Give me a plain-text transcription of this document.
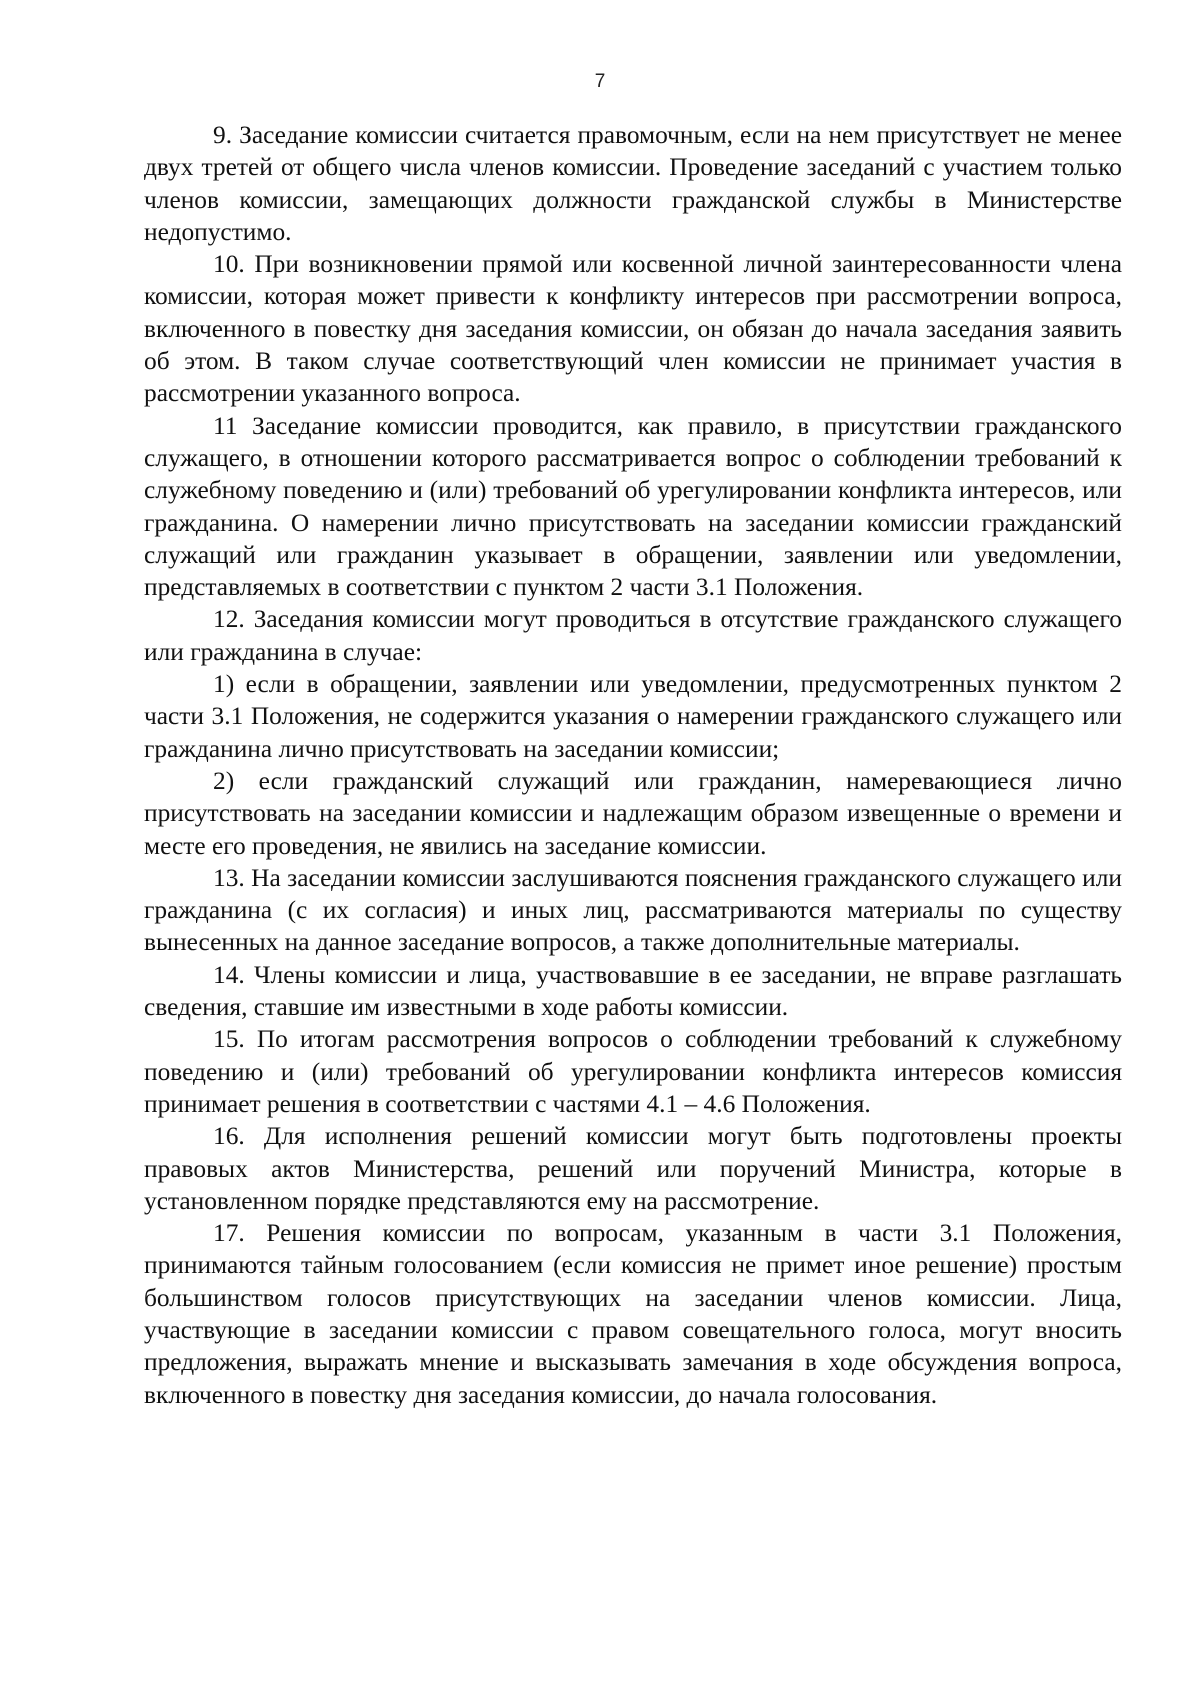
7

9. Заседание комиссии считается правомочным, если на нем присутствует не менее двух третей от общего числа членов комиссии. Проведение заседаний с участием только членов комиссии, замещающих должности гражданской службы в Министерстве недопустимо.

10. При возникновении прямой или косвенной личной заинтересованности члена комиссии, которая может привести к конфликту интересов при рассмотрении вопроса, включенного в повестку дня заседания комиссии, он обязан до начала заседания заявить об этом. В таком случае соответствующий член комиссии не принимает участия в рассмотрении указанного вопроса.

11 Заседание комиссии проводится, как правило, в присутствии гражданского служащего, в отношении которого рассматривается вопрос о соблюдении требований к служебному поведению и (или) требований об урегулировании конфликта интересов, или гражданина. О намерении лично присутствовать на заседании комиссии гражданский служащий или гражданин указывает в обращении, заявлении или уведомлении, представляемых в соответствии с пунктом 2 части 3.1 Положения.

12. Заседания комиссии могут проводиться в отсутствие гражданского служащего или гражданина в случае:

1) если в обращении, заявлении или уведомлении, предусмотренных пунктом 2 части 3.1 Положения, не содержится указания о намерении гражданского служащего или гражданина лично присутствовать на заседании комиссии;

2) если гражданский служащий или гражданин, намеревающиеся лично присутствовать на заседании комиссии и надлежащим образом извещенные о времени и месте его проведения, не явились на заседание комиссии.

13. На заседании комиссии заслушиваются пояснения гражданского служащего или гражданина (с их согласия) и иных лиц, рассматриваются материалы по существу вынесенных на данное заседание вопросов, а также дополнительные материалы.

14. Члены комиссии и лица, участвовавшие в ее заседании, не вправе разглашать сведения, ставшие им известными в ходе работы комиссии.

15. По итогам рассмотрения вопросов о соблюдении требований к служебному поведению и (или) требований об урегулировании конфликта интересов комиссия принимает решения в соответствии с частями 4.1 – 4.6 Положения.

16. Для исполнения решений комиссии могут быть подготовлены проекты правовых актов Министерства, решений или поручений Министра, которые в установленном порядке представляются ему на рассмотрение.

17. Решения комиссии по вопросам, указанным в части 3.1 Положения, принимаются тайным голосованием (если комиссия не примет иное решение) простым большинством голосов присутствующих на заседании членов комиссии. Лица, участвующие в заседании комиссии с правом совещательного голоса, могут вносить предложения, выражать мнение и высказывать замечания в ходе обсуждения вопроса, включенного в повестку дня заседания комиссии, до начала голосования.
